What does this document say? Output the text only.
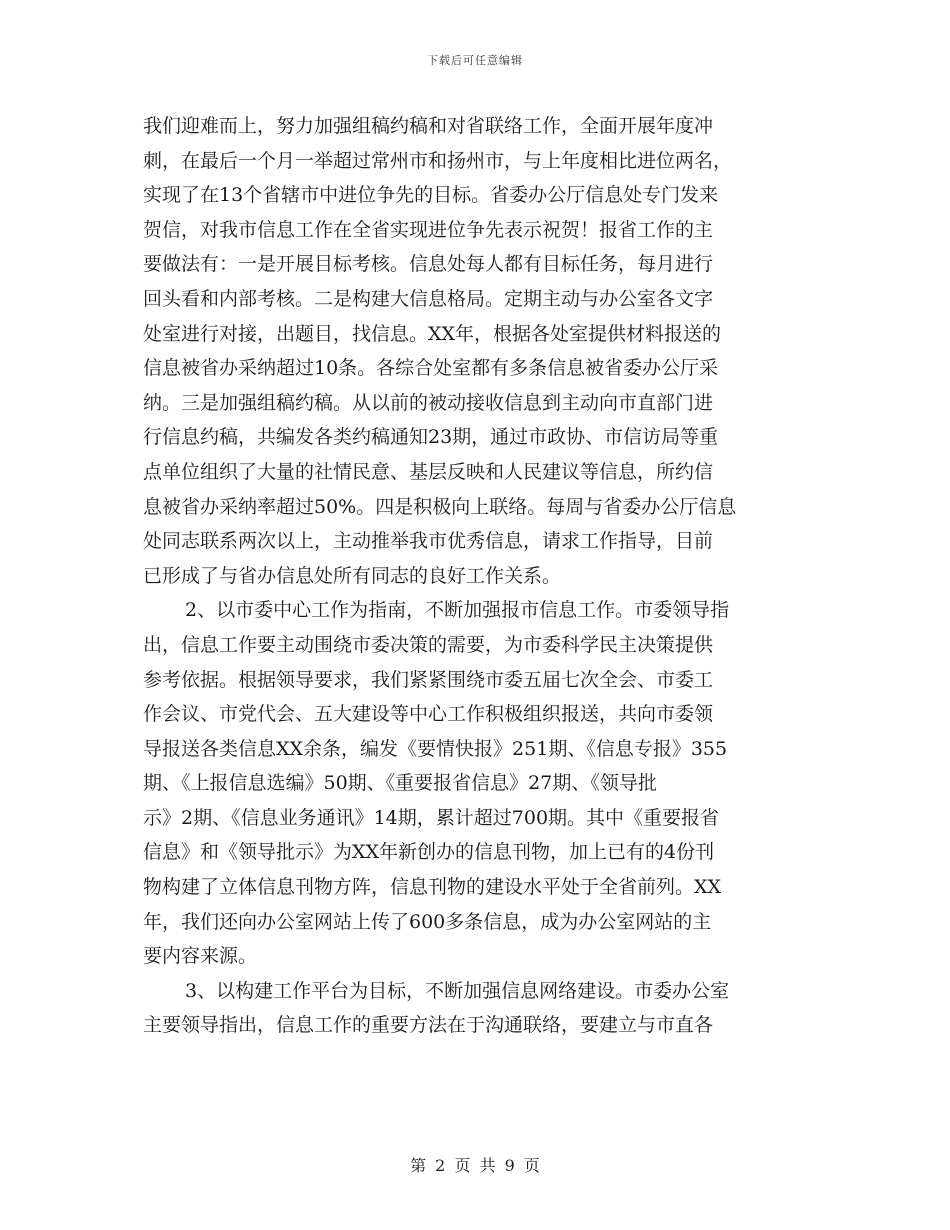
下载后可任意编辑
我们迎难而上，努力加强组稿约稿和对省联络工作，全面开展年度冲
刺，在最后一个月一举超过常州市和扬州市，与上年度相比进位两名，
实现了在13个省辖市中进位争先的目标。省委办公厅信息处专门发来
贺信，对我市信息工作在全省实现进位争先表示祝贺！报省工作的主
要做法有：一是开展目标考核。信息处每人都有目标任务，每月进行
回头看和内部考核。二是构建大信息格局。定期主动与办公室各文字
处室进行对接，出题目，找信息。XX年，根据各处室提供材料报送的
信息被省办采纳超过10条。各综合处室都有多条信息被省委办公厅采
纳。三是加强组稿约稿。从以前的被动接收信息到主动向市直部门进
行信息约稿，共编发各类约稿通知23期，通过市政协、市信访局等重
点单位组织了大量的社情民意、基层反映和人民建议等信息，所约信
息被省办采纳率超过50%。四是积极向上联络。每周与省委办公厅信息
处同志联系两次以上，主动推举我市优秀信息，请求工作指导，目前
已形成了与省办信息处所有同志的良好工作关系。
2、以市委中心工作为指南，不断加强报市信息工作。市委领导指
出，信息工作要主动围绕市委决策的需要，为市委科学民主决策提供
参考依据。根据领导要求，我们紧紧围绕市委五届七次全会、市委工
作会议、市党代会、五大建设等中心工作积极组织报送，共向市委领
导报送各类信息XX余条，编发《要情快报》251期、《信息专报》355
期、《上报信息选编》50期、《重要报省信息》27期、《领导批
示》2期、《信息业务通讯》14期，累计超过700期。其中《重要报省
信息》和《领导批示》为XX年新创办的信息刊物，加上已有的4份刊
物构建了立体信息刊物方阵，信息刊物的建设水平处于全省前列。XX
年，我们还向办公室网站上传了600多条信息，成为办公室网站的主
要内容来源。
3、以构建工作平台为目标，不断加强信息网络建设。市委办公室
主要领导指出，信息工作的重要方法在于沟通联络，要建立与市直各
第 2 页 共 9 页
